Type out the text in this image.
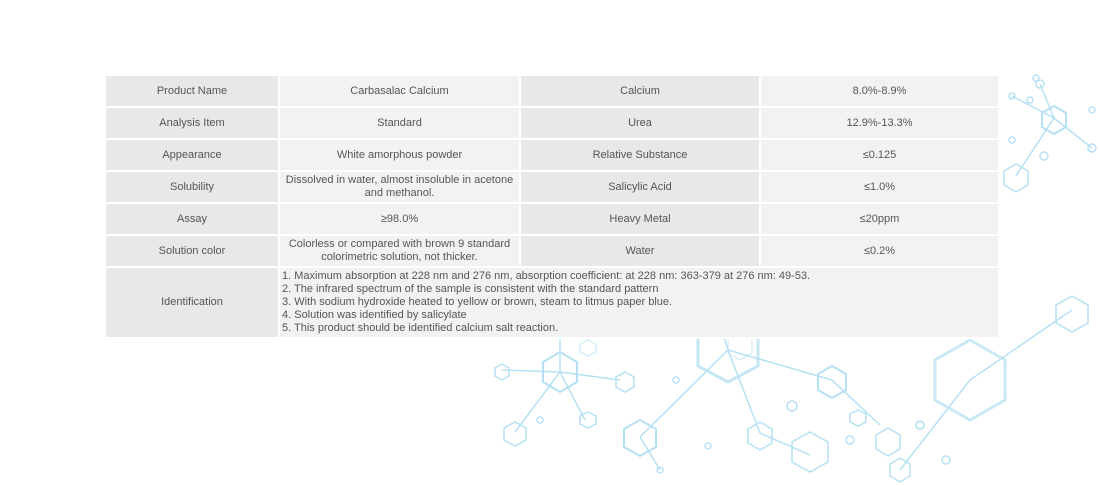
Product Name	Carbasalac Calcium	Calcium	8.0%-8.9%
Analysis Item	Standard	Urea	12.9%-13.3%
Appearance	White amorphous powder	Relative Substance	≤0.125
Solubility	Dissolved in water, almost insoluble in acetone and methanol.	Salicylic Acid	≤1.0%
Assay	≥98.0%	Heavy Metal	≤20ppm
Solution color	Colorless or compared with brown 9 standard colorimetric solution, not thicker.	Water	≤0.2%
Identification	1. Maximum absorption at 228 nm and 276 nm, absorption coefficient: at 228 nm: 363-379 at 276 nm: 49-53.
2. The infrared spectrum of the sample is consistent with the standard pattern
3. With sodium hydroxide heated to yellow or brown, steam to litmus paper blue.
4. Solution was identified by salicylate
5. This product should be identified calcium salt reaction.		
